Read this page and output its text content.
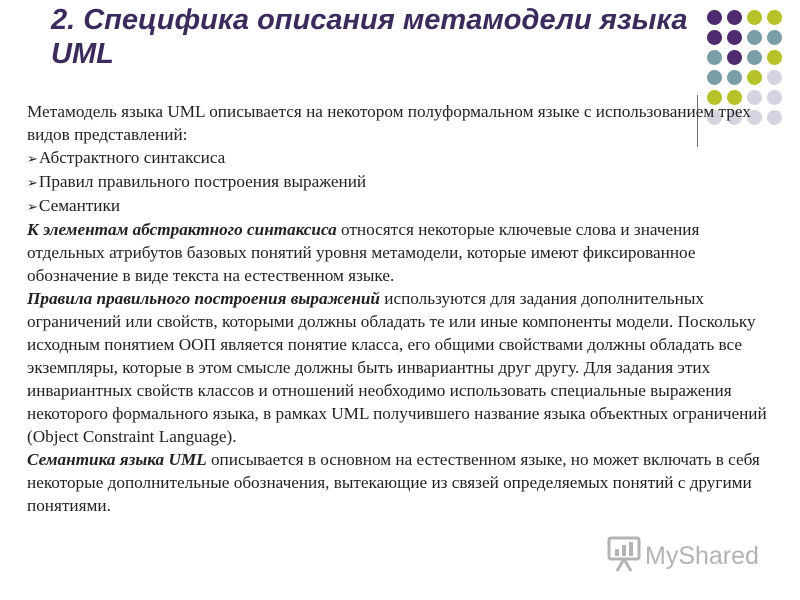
2. Специфика описания метамодели языка UML

Метамодель языка UML описывается на некотором полуформальном языке с использованием трех видов представлений:

➢ Абстрактного синтаксиса

➢ Правил правильного построения выражений

➢ Семантики

К элементам абстрактного синтаксиса относятся некоторые ключевые слова и значения отдельных атрибутов базовых понятий уровня метамодели, которые имеют фиксированное обозначение в виде текста на естественном языке.

Правила правильного построения выражений используются для задания дополнительных ограничений или свойств, которыми должны обладать те или иные компоненты модели. Поскольку исходным понятием ООП является понятие класса, его общими свойствами должны обладать все экземпляры, которые в этом смысле должны быть инвариантны друг другу. Для задания этих инвариантных свойств классов и отношений необходимо использовать специальные выражения некоторого формального языка, в рамках UML получившего название языка объектных ограничений (Object Constraint Language).

Семантика языка UML описывается в основном на естественном языке, но может включать в себя некоторые дополнительные обозначения, вытекающие из связей определяемых понятий с другими понятиями.

MyShared
